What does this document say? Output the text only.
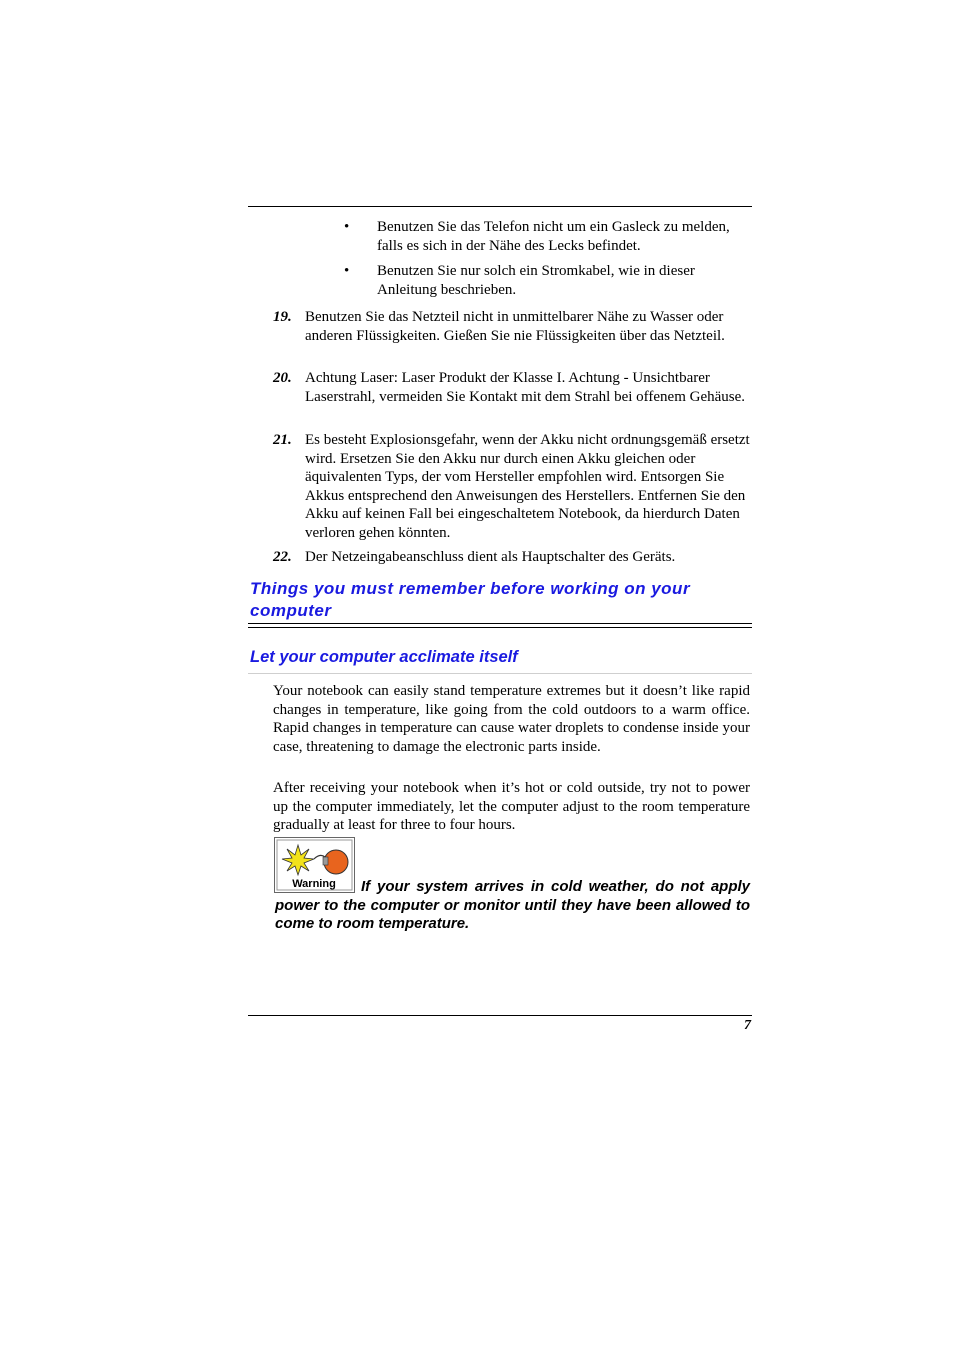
•	Benutzen Sie das Telefon nicht um ein Gasleck zu melden, falls es sich in der Nähe des Lecks befindet.
•	Benutzen Sie nur solch ein Stromkabel, wie in dieser Anleitung beschrieben.
19. Benutzen Sie das Netzteil nicht in unmittelbarer Nähe zu Wasser oder anderen Flüssigkeiten. Gießen Sie nie Flüssigkeiten über das Netzteil.
20. Achtung Laser: Laser Produkt der Klasse I. Achtung - Unsichtbarer Laserstrahl, vermeiden Sie Kontakt mit dem Strahl bei offenem Gehäuse.
21. Es besteht Explosionsgefahr, wenn der Akku nicht ordnungsgemäß ersetzt wird. Ersetzen Sie den Akku nur durch einen Akku gleichen oder äquivalenten Typs, der vom Hersteller empfohlen wird. Entsorgen Sie Akkus entsprechend den Anweisungen des Herstellers. Entfernen Sie den Akku auf keinen Fall bei eingeschaltetem Notebook, da hierdurch Daten verloren gehen könnten.
22. Der Netzeingabeanschluss dient als Hauptschalter des Geräts.
Things you must remember before working on your computer
Let your computer acclimate itself
Your notebook can easily stand temperature extremes but it doesn’t like rapid changes in temperature, like going from the cold outdoors to a warm office. Rapid changes in temperature can cause water droplets to condense inside your case, threatening to damage the electronic parts inside.
After receiving your notebook when it’s hot or cold outside, try not to power up the computer immediately, let the computer adjust to the room temperature gradually at least for three to four hours.
Warning	If your system arrives in cold weather, do not apply power to the computer or monitor until they have been allowed to come to room temperature.
7
